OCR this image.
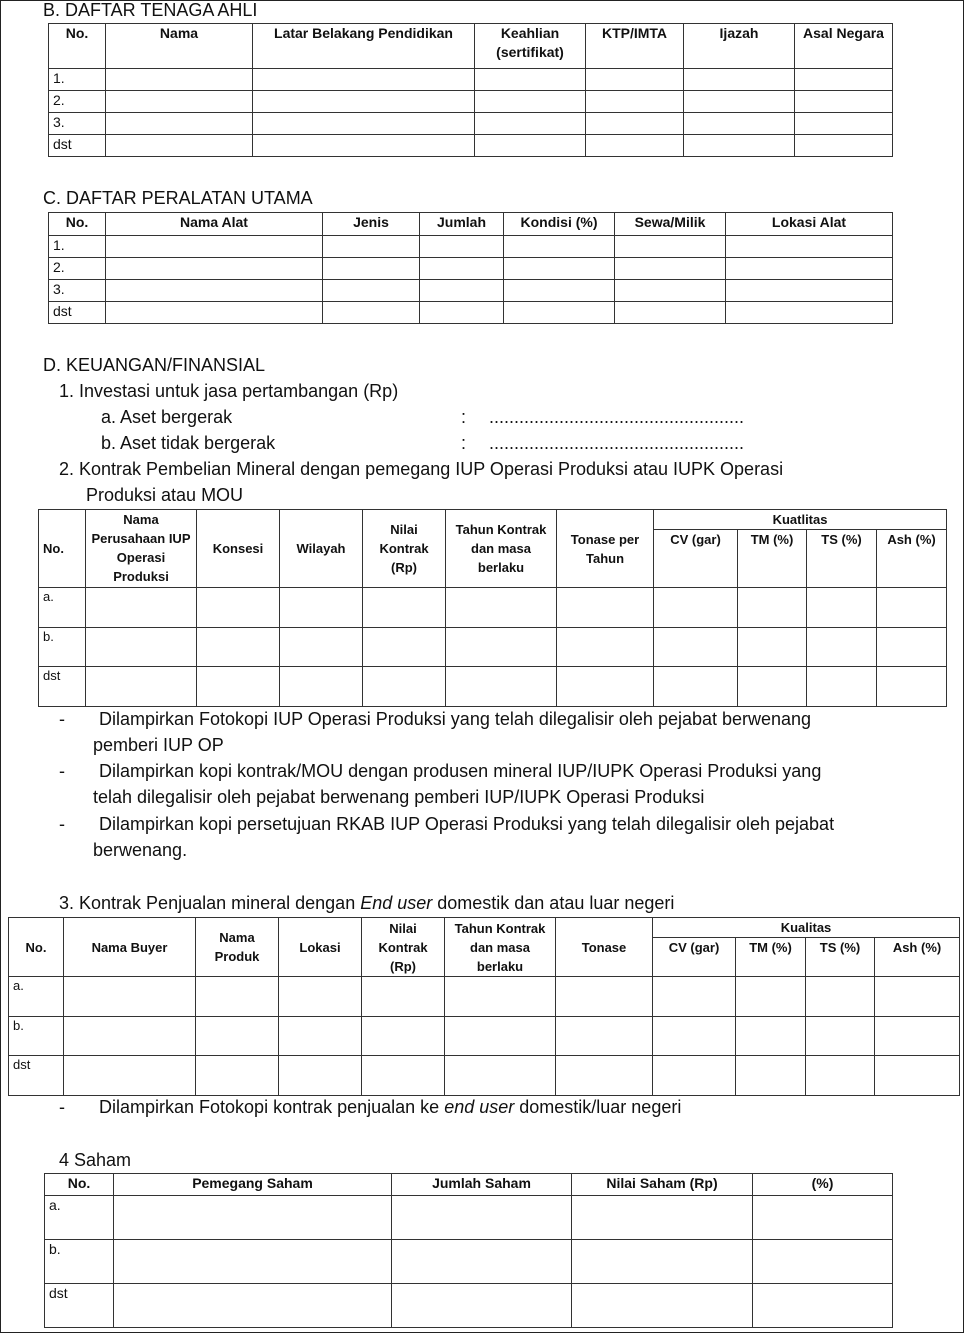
B. DAFTAR TENAGA AHLI
No.	Nama	Latar Belakang Pendidikan	Keahlian (sertifikat)	KTP/IMTA	Ijazah	Asal Negara
1.						
2.						
3.						
dst						
C. DAFTAR PERALATAN UTAMA
No.	Nama Alat	Jenis	Jumlah	Kondisi (%)	Sewa/Milik	Lokasi Alat
1.						
2.						
3.						
dst						
D. KEUANGAN/FINANSIAL
1. Investasi untuk jasa pertambangan (Rp)
a. Aset bergerak	: ...................................................
b. Aset tidak bergerak	: ...................................................
2. Kontrak Pembelian Mineral dengan pemegang IUP Operasi Produksi atau IUPK Operasi
Produksi atau MOU
No.	Nama Perusahaan IUP Operasi Produksi	Konsesi	Wilayah	Nilai Kontrak (Rp)	Tahun Kontrak dan masa berlaku	Tonase per Tahun	Kuatlitas			
							CV (gar)	TM (%)	TS (%)	Ash (%)
a.										
b.										
dst										
- Dilampirkan Fotokopi IUP Operasi Produksi yang telah dilegalisir oleh pejabat berwenang
pemberi IUP OP
- Dilampirkan kopi kontrak/MOU dengan produsen mineral IUP/IUPK Operasi Produksi yang
telah dilegalisir oleh pejabat berwenang pemberi IUP/IUPK Operasi Produksi
- Dilampirkan kopi persetujuan RKAB IUP Operasi Produksi yang telah dilegalisir oleh pejabat
berwenang.
3. Kontrak Penjualan mineral dengan End user domestik dan atau luar negeri
No.	Nama Buyer	Nama Produk	Lokasi	Nilai Kontrak (Rp)	Tahun Kontrak dan masa berlaku	Tonase	Kualitas			
							CV (gar)	TM (%)	TS (%)	Ash (%)
a.										
b.										
dst										
- Dilampirkan Fotokopi kontrak penjualan ke end user domestik/luar negeri
4 Saham
No.	Pemegang Saham	Jumlah Saham	Nilai Saham (Rp)	(%)
a.				
b.				
dst				
